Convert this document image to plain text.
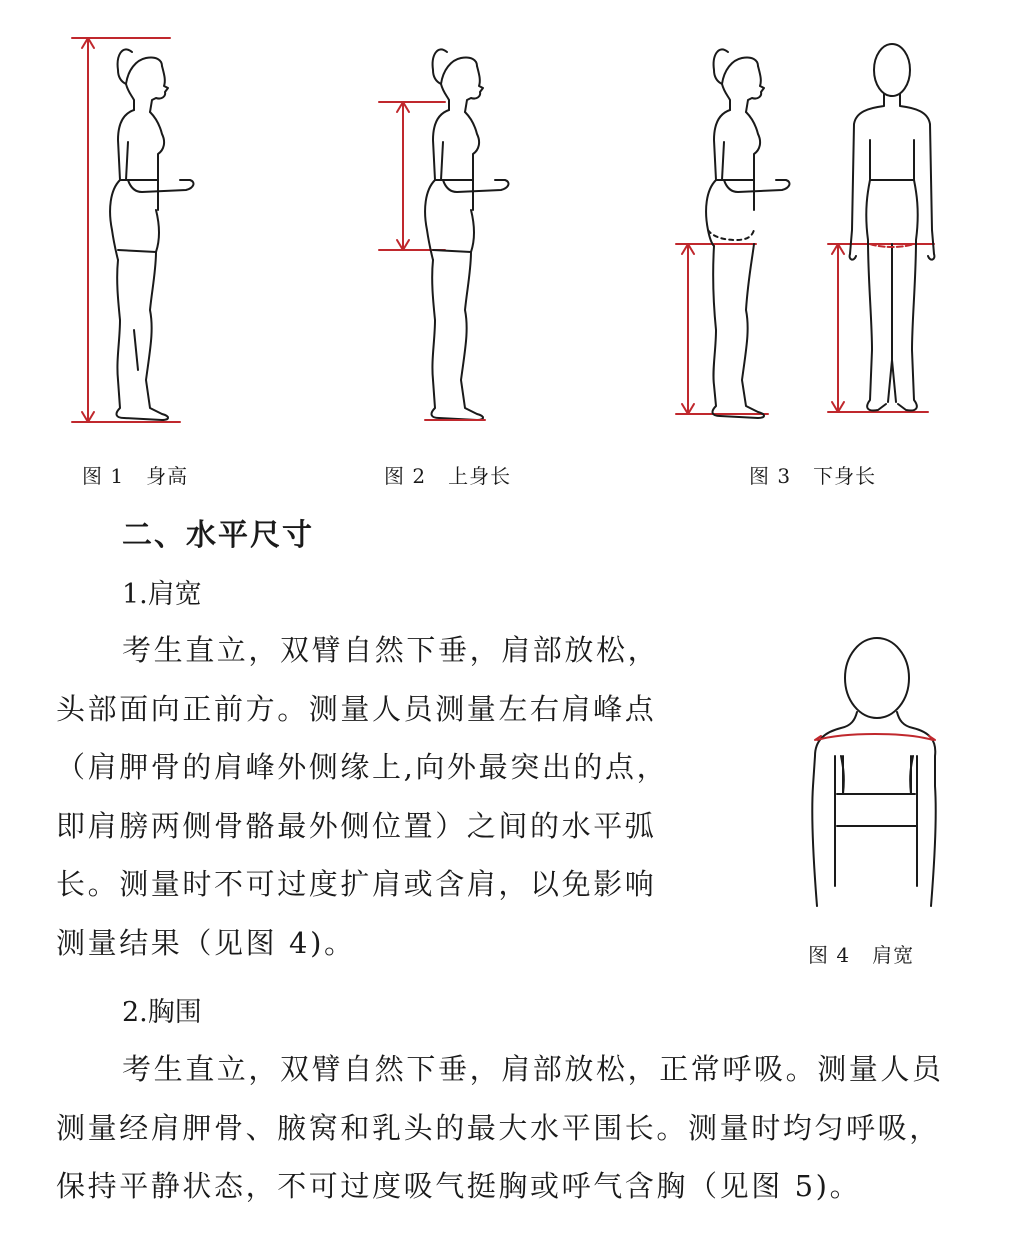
图 1 身高	图 2 上身长	图 3 下身长
二、水平尺寸
1.肩宽
考生直立，双臂自然下垂，肩部放松，
头部面向正前方。测量人员测量左右肩峰点
（肩胛骨的肩峰外侧缘上,向外最突出的点，
即肩膀两侧骨骼最外侧位置）之间的水平弧
长。测量时不可过度扩肩或含肩，以免影响
测量结果（见图 4)。	图 4 肩宽
2.胸围
考生直立，双臂自然下垂，肩部放松，正常呼吸。测量人员
测量经肩胛骨、腋窝和乳头的最大水平围长。测量时均匀呼吸，
保持平静状态，不可过度吸气挺胸或呼气含胸（见图 5)。
